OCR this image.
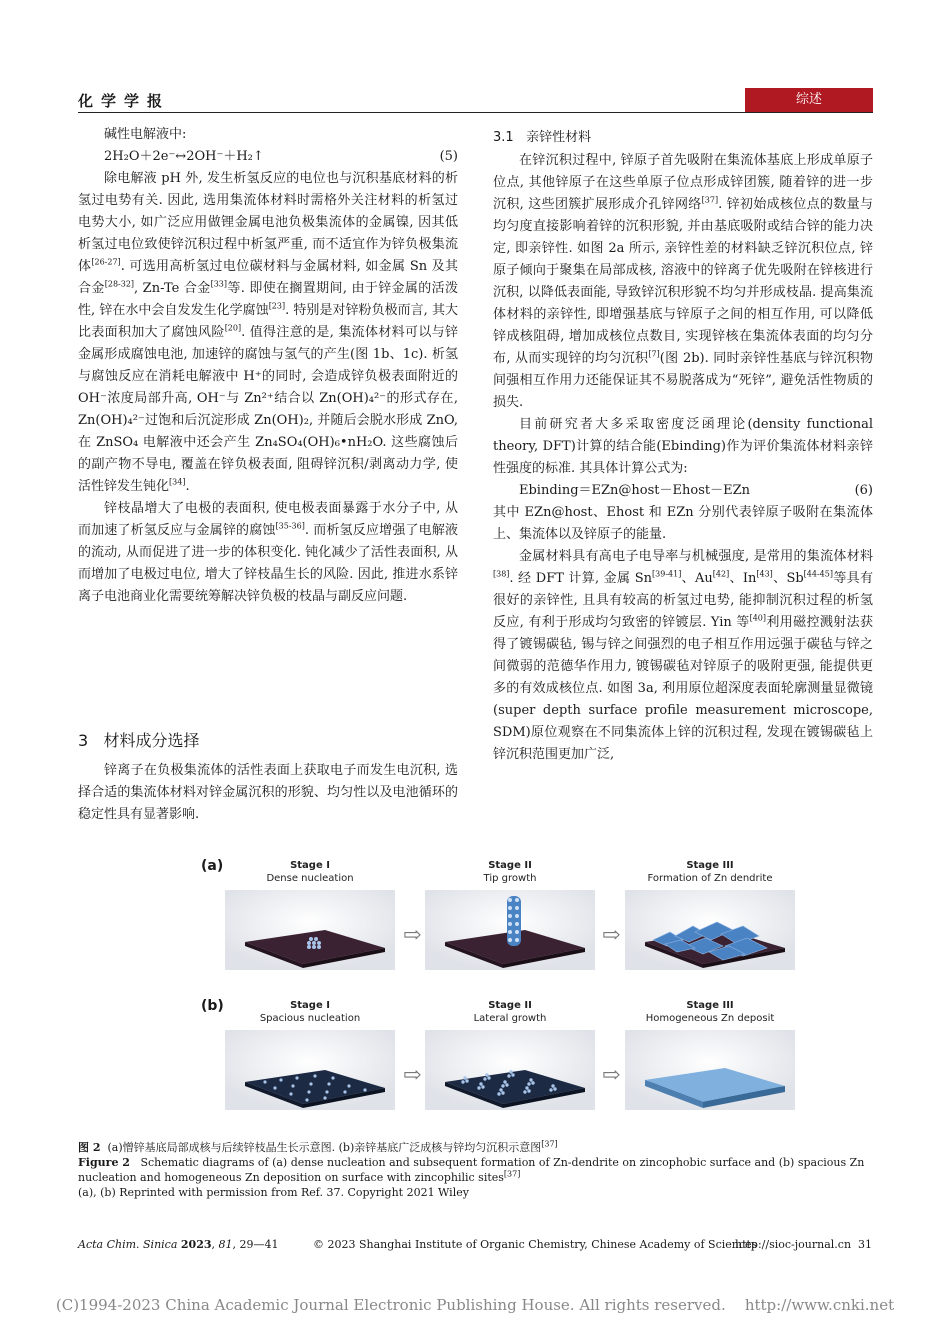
化学学报	综述

碱性电解液中:

2H₂O＋2e⁻↔2OH⁻＋H₂↑	(5)

除电解液 pH 外, 发生析氢反应的电位也与沉积基底材料的析氢过电势有关. 因此, 选用集流体材料时需格外关注材料的析氢过电势大小, 如广泛应用做锂金属电池负极集流体的金属镍, 因其低析氢过电位致使锌沉积过程中析氢严重, 而不适宜作为锌负极集流体[26-27]. 可选用高析氢过电位碳材料与金属材料, 如金属 Sn 及其合金[28-32], Zn-Te 合金[33]等. 即使在搁置期间, 由于锌金属的活泼性, 锌在水中会自发发生化学腐蚀[23]. 特别是对锌粉负极而言, 其大比表面积加大了腐蚀风险[20]. 值得注意的是, 集流体材料可以与锌金属形成腐蚀电池, 加速锌的腐蚀与氢气的产生(图 1b、1c). 析氢与腐蚀反应在消耗电解液中 H⁺的同时, 会造成锌负极表面附近的 OH⁻浓度局部升高, OH⁻与 Zn²⁺结合以 Zn(OH)₄²⁻的形式存在, Zn(OH)₄²⁻过饱和后沉淀形成 Zn(OH)₂, 并随后会脱水形成 ZnO, 在 ZnSO₄ 电解液中还会产生 Zn₄SO₄(OH)₆•nH₂O. 这些腐蚀后的副产物不导电, 覆盖在锌负极表面, 阻碍锌沉积/剥离动力学, 使活性锌发生钝化[34].

锌枝晶增大了电极的表面积, 使电极表面暴露于水分子中, 从而加速了析氢反应与金属锌的腐蚀[35-36]. 而析氢反应增强了电解液的流动, 从而促进了进一步的体积变化. 钝化减少了活性表面积, 从而增加了电极过电位, 增大了锌枝晶生长的风险. 因此, 推进水系锌离子电池商业化需要统筹解决锌负极的枝晶与副反应问题.

3 材料成分选择

锌离子在负极集流体的活性表面上获取电子而发生电沉积, 选择合适的集流体材料对锌金属沉积的形貌、均匀性以及电池循环的稳定性具有显著影响.

3.1 亲锌性材料

在锌沉积过程中, 锌原子首先吸附在集流体基底上形成单原子位点, 其他锌原子在这些单原子位点形成锌团簇, 随着锌的进一步沉积, 这些团簇扩展形成介孔锌网络[37]. 锌初始成核位点的数量与均匀度直接影响着锌的沉积形貌, 并由基底吸附或结合锌的能力决定, 即亲锌性. 如图 2a 所示, 亲锌性差的材料缺乏锌沉积位点, 锌原子倾向于聚集在局部成核, 溶液中的锌离子优先吸附在锌核进行沉积, 以降低表面能, 导致锌沉积形貌不均匀并形成枝晶. 提高集流体材料的亲锌性, 即增强基底与锌原子之间的相互作用, 可以降低锌成核阻碍, 增加成核位点数目, 实现锌核在集流体表面的均匀分布, 从而实现锌的均匀沉积[7](图 2b). 同时亲锌性基底与锌沉积物间强相互作用力还能保证其不易脱落成为“死锌”, 避免活性物质的损失.

目前研究者大多采取密度泛函理论(density functional theory, DFT)计算的结合能(Ebinding)作为评价集流体材料亲锌性强度的标准. 其具体计算公式为:

Ebinding＝EZn@host－Ehost－EZn	(6)

其中 EZn@host、Ehost 和 EZn 分别代表锌原子吸附在集流体上、集流体以及锌原子的能量.

金属材料具有高电子电导率与机械强度, 是常用的集流体材料[38]. 经 DFT 计算, 金属 Sn[39-41]、Au[42]、In[43]、Sb[44-45]等具有很好的亲锌性, 且具有较高的析氢过电势, 能抑制沉积过程的析氢反应, 有利于形成均匀致密的锌镀层. Yin 等[40]利用磁控溅射法获得了镀锡碳毡, 锡与锌之间强烈的电子相互作用远强于碳毡与锌之间微弱的范德华作用力, 镀锡碳毡对锌原子的吸附更强, 能提供更多的有效成核位点. 如图 3a, 利用原位超深度表面轮廓测量显微镜(super depth surface profile measurement microscope, SDM)原位观察在不同集流体上锌的沉积过程, 发现在镀锡碳毡上锌沉积范围更加广泛,

(a)
(b)
Stage I
Dense nucleation
⇨
Stage II
Tip growth
⇨
Stage III
Formation of Zn dendrite
Stage I
Spacious nucleation
⇨
Stage II
Lateral growth
⇨
Stage III
Homogeneous Zn deposit
图 2 (a)憎锌基底局部成核与后续锌枝晶生长示意图. (b)亲锌基底广泛成核与锌均匀沉积示意图[37]
Figure 2 Schematic diagrams of (a) dense nucleation and subsequent formation of Zn-dendrite on zincophobic surface and (b) spacious Zn nucleation and homogeneous Zn deposition on surface with zincophilic sites[37]
(a), (b) Reprinted with permission from Ref. 37. Copyright 2021 Wiley
Acta Chim. Sinica 2023, 81, 29—41	© 2023 Shanghai Institute of Organic Chemistry, Chinese Academy of Sciences
http://sioc-journal.cn 31
(C)1994-2023 China Academic Journal Electronic Publishing House. All rights reserved.    http://www.cnki.net
